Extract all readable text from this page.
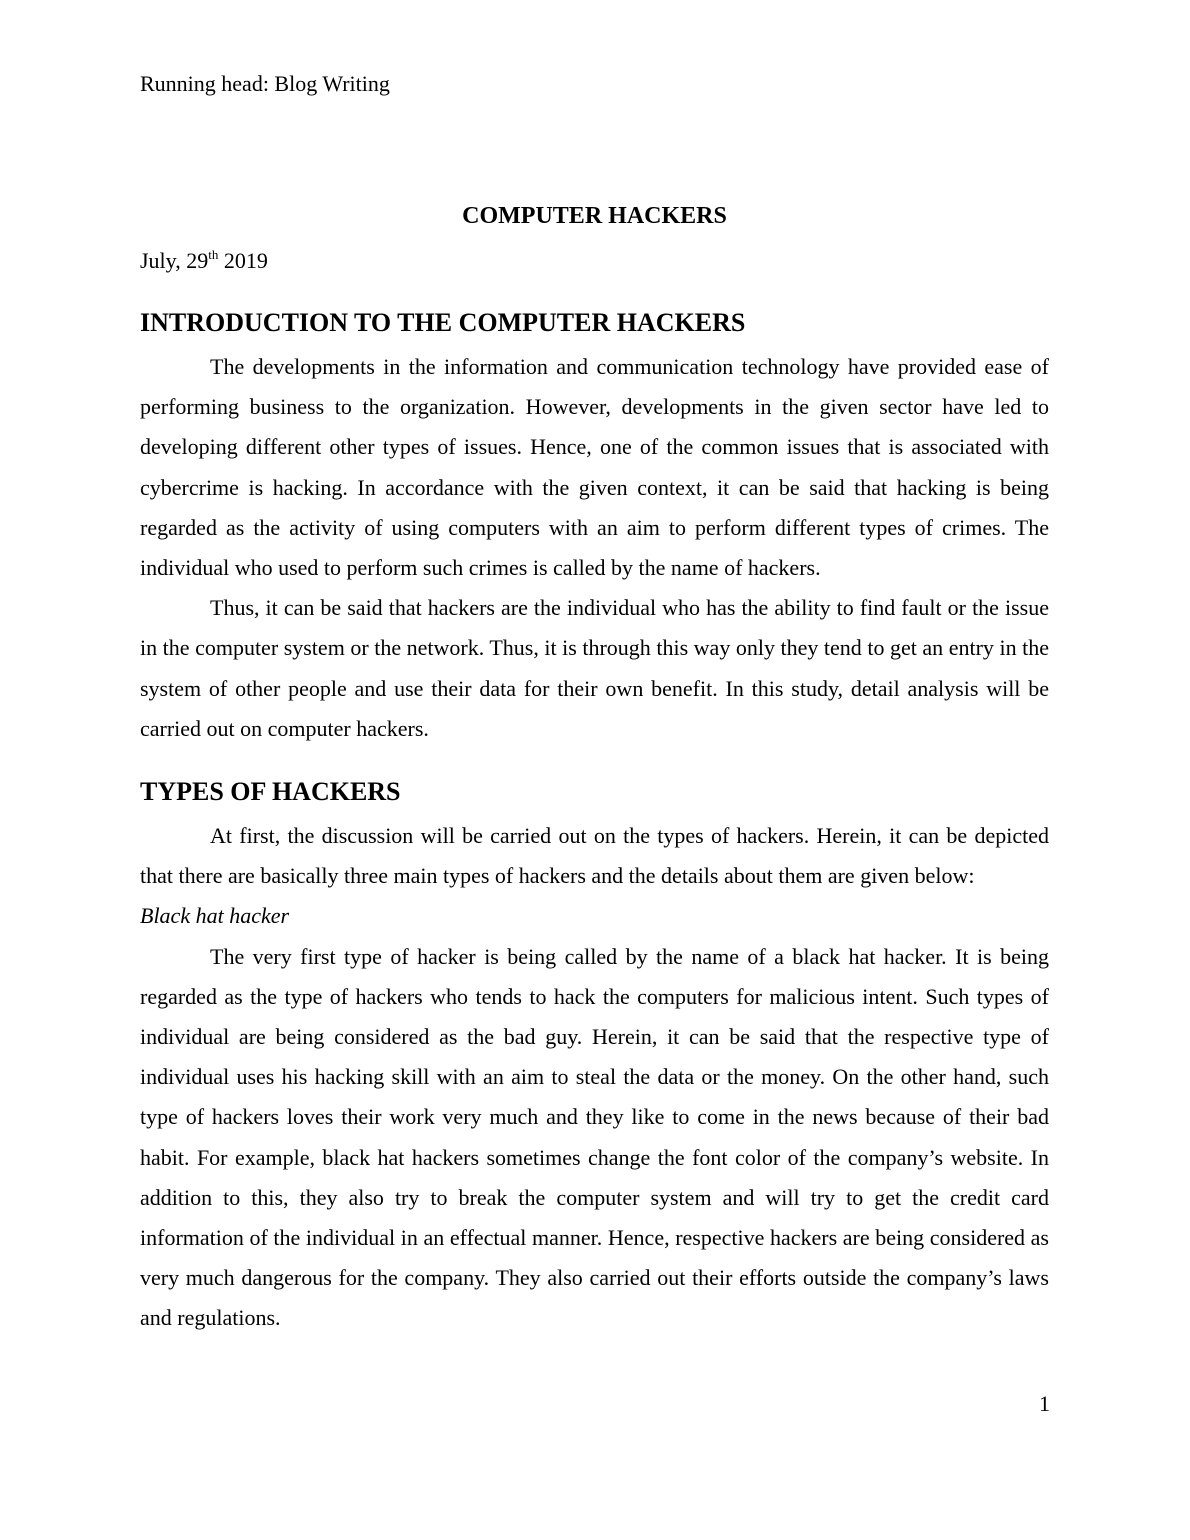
Running head: Blog Writing
COMPUTER HACKERS
July, 29th 2019
INTRODUCTION TO THE COMPUTER HACKERS

The developments in the information and communication technology have provided ease of performing business to the organization. However, developments in the given sector have led to developing different other types of issues. Hence, one of the common issues that is associated with cybercrime is hacking. In accordance with the given context, it can be said that hacking is being regarded as the activity of using computers with an aim to perform different types of crimes. The individual who used to perform such crimes is called by the name of hackers.

Thus, it can be said that hackers are the individual who has the ability to find fault or the issue in the computer system or the network. Thus, it is through this way only they tend to get an entry in the system of other people and use their data for their own benefit. In this study, detail analysis will be carried out on computer hackers.

TYPES OF HACKERS

At first, the discussion will be carried out on the types of hackers. Herein, it can be depicted that there are basically three main types of hackers and the details about them are given below:

Black hat hacker

The very first type of hacker is being called by the name of a black hat hacker. It is being regarded as the type of hackers who tends to hack the computers for malicious intent. Such types of individual are being considered as the bad guy. Herein, it can be said that the respective type of individual uses his hacking skill with an aim to steal the data or the money. On the other hand, such type of hackers loves their work very much and they like to come in the news because of their bad habit. For example, black hat hackers sometimes change the font color of the company’s website. In addition to this, they also try to break the computer system and will try to get the credit card information of the individual in an effectual manner. Hence, respective hackers are being considered as very much dangerous for the company. They also carried out their efforts outside the company’s laws and regulations.

1
